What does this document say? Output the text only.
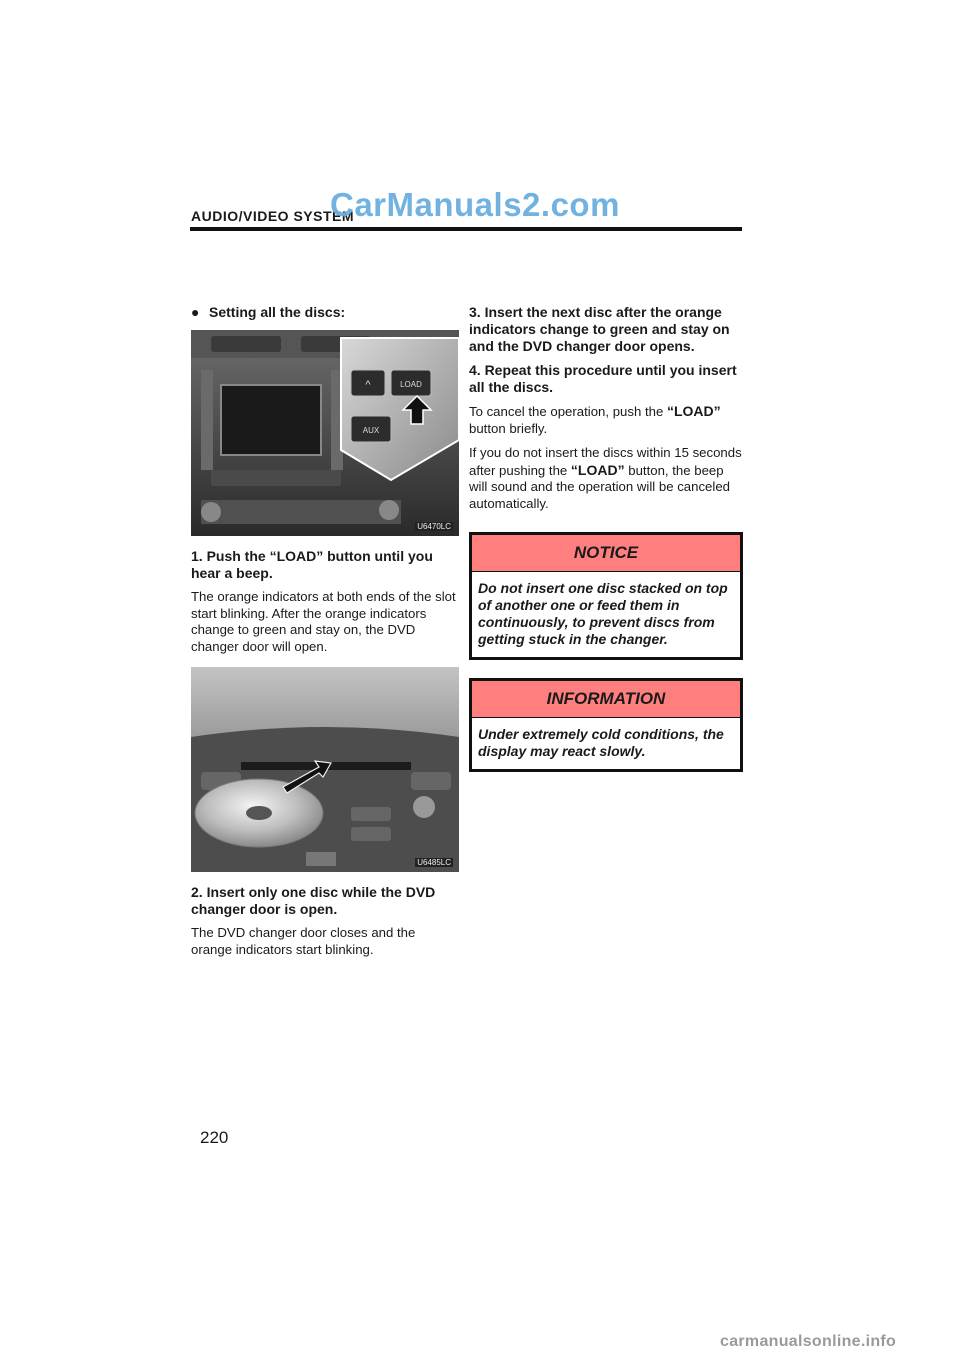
AUDIO/VIDEO SYSTEM
CarManuals2.com
● Setting all the discs:
^	LOAD
AUX
U6470LC
1. Push the “LOAD” button until you hear a beep.
The orange indicators at both ends of the slot start blinking. After the orange indicators change to green and stay on, the DVD changer door will open.
U6485LC
2. Insert only one disc while the DVD changer door is open.
The DVD changer door closes and the orange indicators start blinking.
3. Insert the next disc after the orange indicators change to green and stay on and the DVD changer door opens.
4. Repeat this procedure until you insert all the discs.
To cancel the operation, push the “LOAD” button briefly.
If you do not insert the discs within 15 seconds after pushing the “LOAD” button, the beep will sound and the operation will be canceled automatically.
NOTICE
Do not insert one disc stacked on top of another one or feed them in continuously, to prevent discs from getting stuck in the changer.
INFORMATION
Under extremely cold conditions, the display may react slowly.
220
carmanualsonline.info
